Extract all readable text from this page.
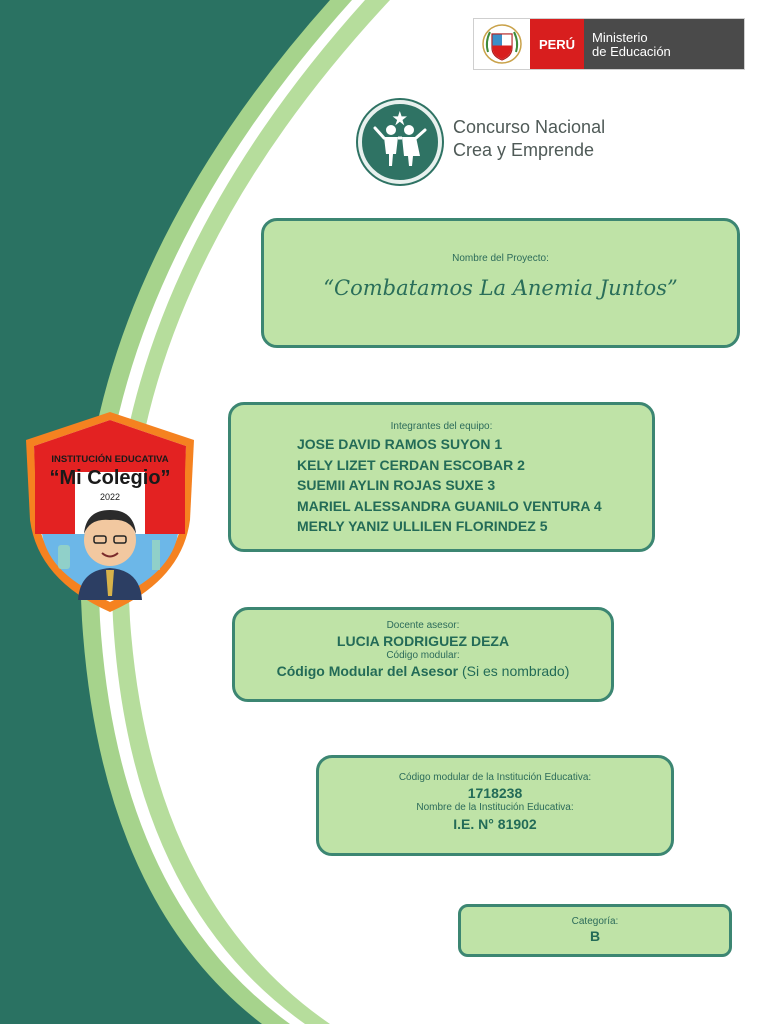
PERÚ	Ministerio
de Educación
Concurso Nacional
Crea y Emprende
Nombre del Proyecto:
“Combatamos La Anemia Juntos”
Integrantes del equipo:
JOSE DAVID RAMOS SUYON 1
KELY LIZET CERDAN ESCOBAR 2
SUEMII AYLIN ROJAS SUXE 3
MARIEL ALESSANDRA GUANILO VENTURA 4
MERLY YANIZ ULLILEN FLORINDEZ 5
Docente asesor:
LUCIA RODRIGUEZ DEZA
Código modular:
Código Modular del Asesor (Si es nombrado)
Código modular de la Institución Educativa:
1718238
Nombre de la Institución Educativa:
I.E. N° 81902
Categoría:
B
INSTITUCIÓN EDUCATIVA
“Mi Colegio”
2022
